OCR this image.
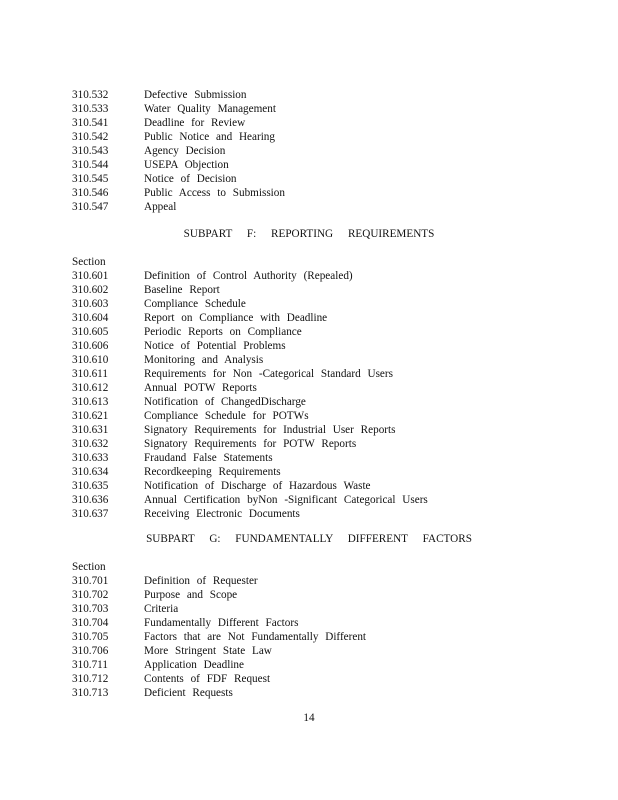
310.532	Defective Submission
310.533	Water Quality Management
310.541	Deadline for Review
310.542	Public Notice and Hearing
310.543	Agency Decision
310.544	USEPA Objection
310.545	Notice of Decision
310.546	Public Access to Submission
310.547	Appeal
SUBPART F: REPORTING REQUIREMENTS
Section
310.601	Definition of Control Authority (Repealed)
310.602	Baseline Report
310.603	Compliance Schedule
310.604	Report on Compliance with Deadline
310.605	Periodic Reports on Compliance
310.606	Notice of Potential Problems
310.610	Monitoring and Analysis
310.611	Requirements for Non -Categorical Standard Users
310.612	Annual POTW Reports
310.613	Notification of ChangedDischarge
310.621	Compliance Schedule for POTWs
310.631	Signatory Requirements for Industrial User Reports
310.632	Signatory Requirements for POTW Reports
310.633	Fraudand False Statements
310.634	Recordkeeping Requirements
310.635	Notification of Discharge of Hazardous Waste
310.636	Annual Certification byNon -Significant Categorical Users
310.637	Receiving Electronic Documents
SUBPART G: FUNDAMENTALLY DIFFERENT FACTORS
Section
310.701	Definition of Requester
310.702	Purpose and Scope
310.703	Criteria
310.704	Fundamentally Different Factors
310.705	Factors that are Not Fundamentally Different
310.706	More Stringent State Law
310.711	Application Deadline
310.712	Contents of FDF Request
310.713	Deficient Requests
14
